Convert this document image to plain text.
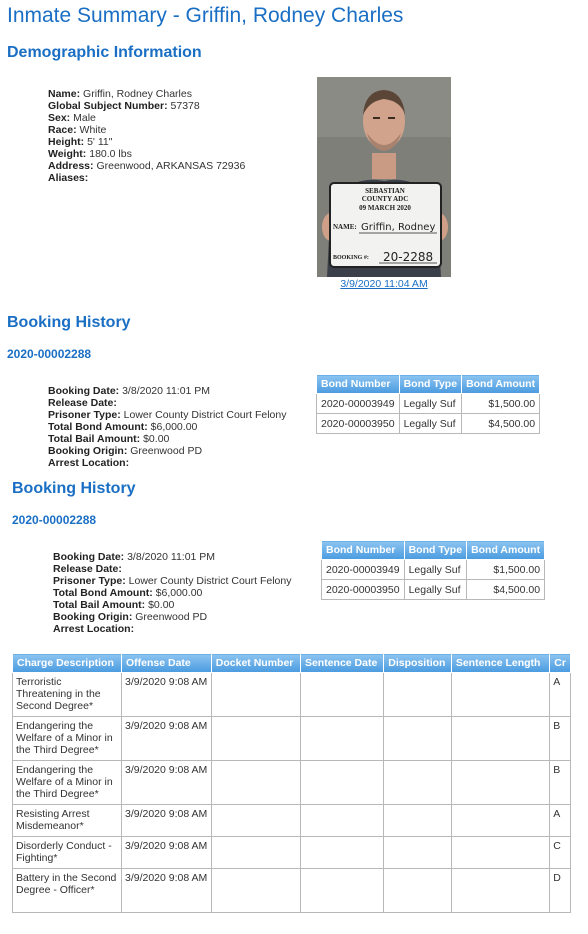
Inmate Summary - Griffin, Rodney Charles
Demographic Information
Name: Griffin, Rodney Charles
Global Subject Number: 57378
Sex: Male
Race: White
Height: 5' 11"
Weight: 180.0 lbs
Address: Greenwood, ARKANSAS 72936
Aliases:
SEBASTIAN
COUNTY ADC
09 MARCH 2020
NAME: Griffin, Rodney
BOOKING #: 20-2288
3/9/2020 11:04 AM
Booking History
2020-00002288
Booking Date: 3/8/2020 11:01 PM
Release Date:
Prisoner Type: Lower County District Court Felony
Total Bond Amount: $6,000.00
Total Bail Amount: $0.00
Booking Origin: Greenwood PD
Arrest Location:
Bond Number	Bond Type	Bond Amount
2020-00003949	Legally Suf	$1,500.00
2020-00003950	Legally Suf	$4,500.00
Booking History
2020-00002288
Booking Date: 3/8/2020 11:01 PM
Release Date:
Prisoner Type: Lower County District Court Felony
Total Bond Amount: $6,000.00
Total Bail Amount: $0.00
Booking Origin: Greenwood PD
Arrest Location:
Bond Number	Bond Type	Bond Amount
2020-00003949	Legally Suf	$1,500.00
2020-00003950	Legally Suf	$4,500.00
Charge Description	Offense Date	Docket Number	Sentence Date	Disposition	Sentence Length	Cr
Terroristic Threatening in the Second Degree*	3/9/2020 9:08 AM					A
Endangering the Welfare of a Minor in the Third Degree*	3/9/2020 9:08 AM					B
Endangering the Welfare of a Minor in the Third Degree*	3/9/2020 9:08 AM					B
Resisting Arrest Misdemeanor*	3/9/2020 9:08 AM					A
Disorderly Conduct - Fighting*	3/9/2020 9:08 AM					C
Battery in the Second Degree - Officer*	3/9/2020 9:08 AM					D
